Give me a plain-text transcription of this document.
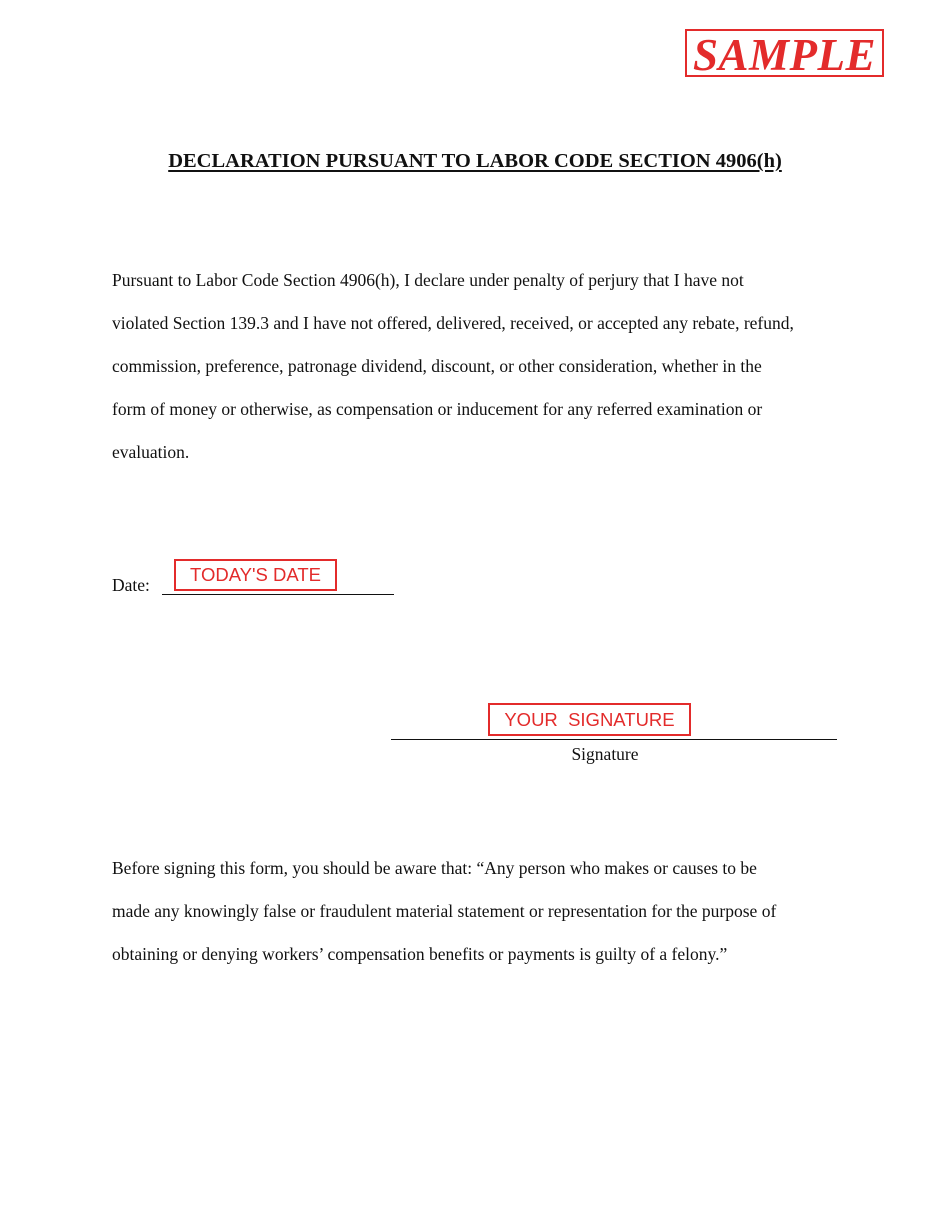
SAMPLE
DECLARATION PURSUANT TO LABOR CODE SECTION 4906(h)

Pursuant to Labor Code Section 4906(h), I declare under penalty of perjury that I have not
violated Section 139.3 and I have not offered, delivered, received, or accepted any rebate, refund,
commission, preference, patronage dividend, discount, or other consideration, whether in the
form of money or otherwise, as compensation or inducement for any referred examination or
evaluation.

Date:	TODAY'S DATE
YOUR  SIGNATURE
Signature

Before signing this form, you should be aware that: “Any person who makes or causes to be
made any knowingly false or fraudulent material statement or representation for the purpose of
obtaining or denying workers’ compensation benefits or payments is guilty of a felony.”
